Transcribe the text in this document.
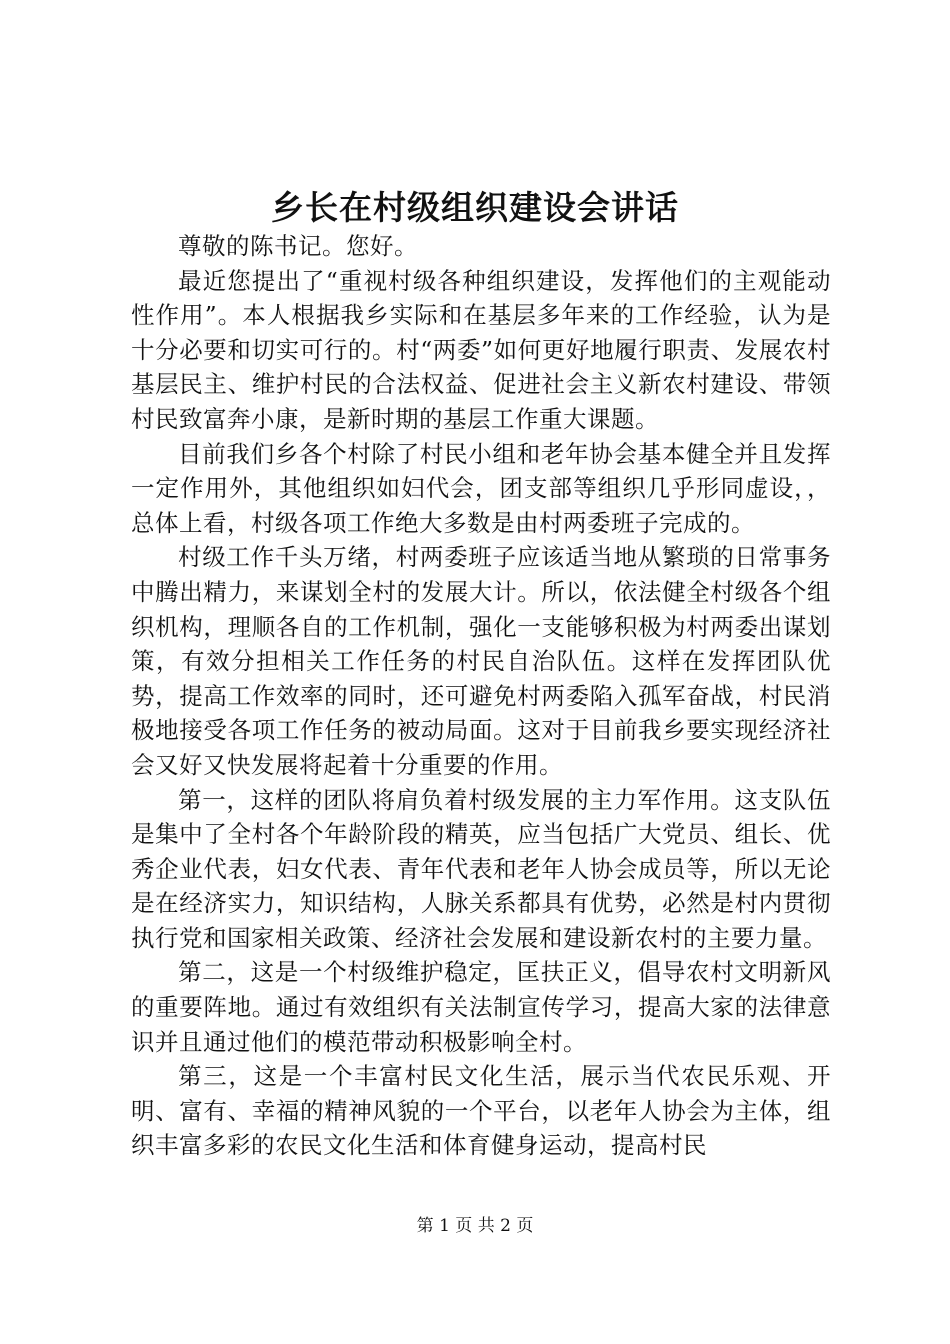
乡长在村级组织建设会讲话

尊敬的陈书记。您好。

最近您提出了“重视村级各种组织建设，发挥他们的主观能动性作用”。本人根据我乡实际和在基层多年来的工作经验，认为是十分必要和切实可行的。村“两委”如何更好地履行职责、发展农村基层民主、维护村民的合法权益、促进社会主义新农村建设、带领村民致富奔小康，是新时期的基层工作重大课题。

目前我们乡各个村除了村民小组和老年协会基本健全并且发挥一定作用外，其他组织如妇代会，团支部等组织几乎形同虚设，，总体上看，村级各项工作绝大多数是由村两委班子完成的。

村级工作千头万绪，村两委班子应该适当地从繁琐的日常事务中腾出精力，来谋划全村的发展大计。所以，依法健全村级各个组织机构，理顺各自的工作机制，强化一支能够积极为村两委出谋划策，有效分担相关工作任务的村民自治队伍。这样在发挥团队优势，提高工作效率的同时，还可避免村两委陷入孤军奋战，村民消极地接受各项工作任务的被动局面。这对于目前我乡要实现经济社会又好又快发展将起着十分重要的作用。

第一，这样的团队将肩负着村级发展的主力军作用。这支队伍是集中了全村各个年龄阶段的精英，应当包括广大党员、组长、优秀企业代表，妇女代表、青年代表和老年人协会成员等，所以无论是在经济实力，知识结构，人脉关系都具有优势，必然是村内贯彻执行党和国家相关政策、经济社会发展和建设新农村的主要力量。

第二，这是一个村级维护稳定，匡扶正义，倡导农村文明新风的重要阵地。通过有效组织有关法制宣传学习，提高大家的法律意识并且通过他们的模范带动积极影响全村。

第三，这是一个丰富村民文化生活，展示当代农民乐观、开明、富有、幸福的精神风貌的一个平台，以老年人协会为主体，组织丰富多彩的农民文化生活和体育健身运动，提高村民

第 1 页 共 2 页
